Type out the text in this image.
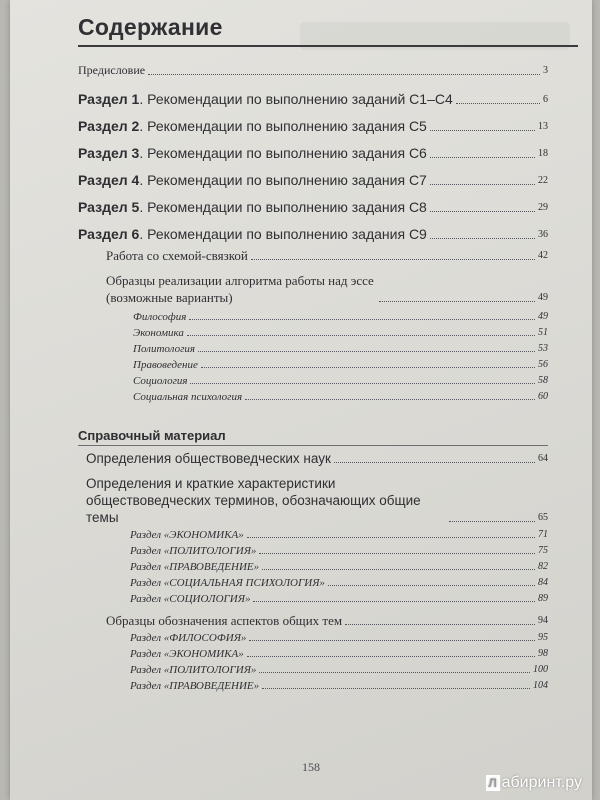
Содержание
Предисловие	3
Раздел 1. Рекомендации по выполнению заданий С1–С4	6
Раздел 2. Рекомендации по выполнению задания С5	13
Раздел 3. Рекомендации по выполнению задания С6	18
Раздел 4. Рекомендации по выполнению задания С7	22
Раздел 5. Рекомендации по выполнению задания С8	29
Раздел 6. Рекомендации по выполнению задания С9	36
Работа со схемой-связкой	42
Образцы реализации алгоритма работы над эссе (возможные варианты)	49
Философия	49
Экономика	51
Политология	53
Правоведение	56
Социология	58
Социальная психология	60
Справочный материал
Определения обществоведческих наук	64
Определения и краткие характеристики обществоведческих терминов, обозначающих общие темы	65
Раздел «ЭКОНОМИКА»	71
Раздел «ПОЛИТОЛОГИЯ»	75
Раздел «ПРАВОВЕДЕНИЕ»	82
Раздел «СОЦИАЛЬНАЯ ПСИХОЛОГИЯ»	84
Раздел «СОЦИОЛОГИЯ»	89
Образцы обозначения аспектов общих тем	94
Раздел «ФИЛОСОФИЯ»	95
Раздел «ЭКОНОМИКА»	98
Раздел «ПОЛИТОЛОГИЯ»	100
Раздел «ПРАВОВЕДЕНИЕ»	104
158
Л абиринт.ру
